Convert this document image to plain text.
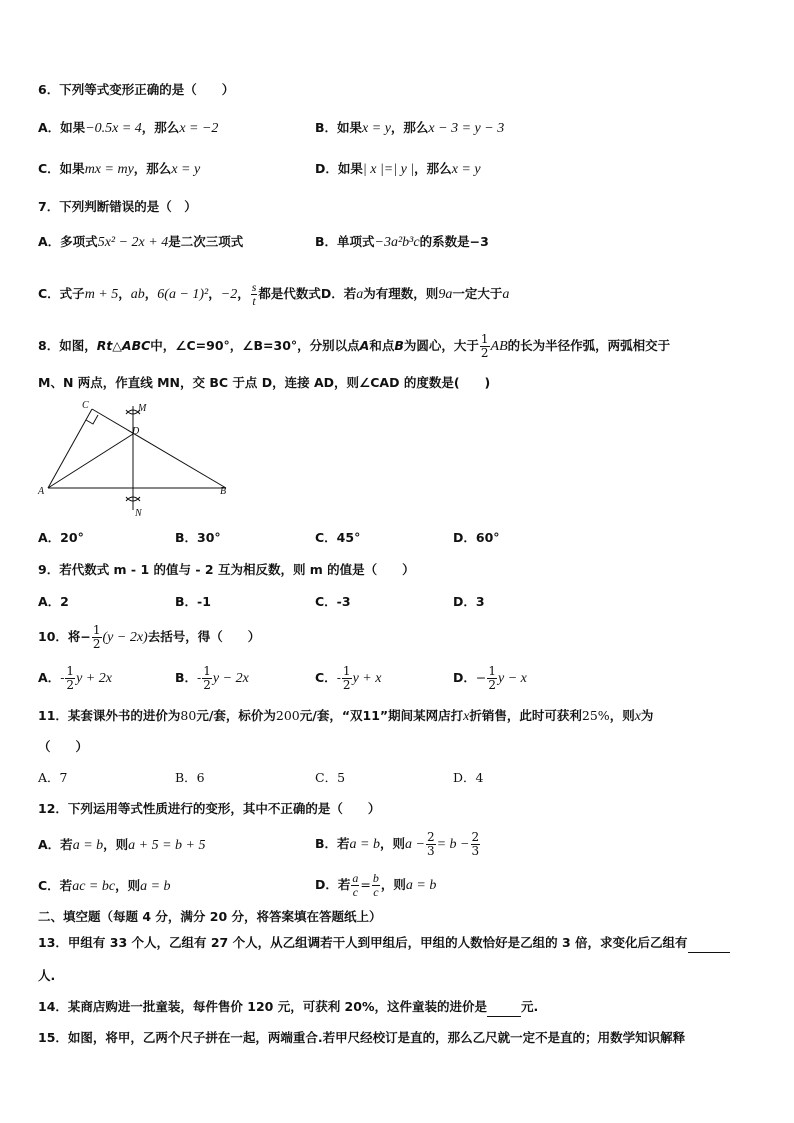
6．下列等式变形正确的是（　　）
A．如果−0.5x = 4，那么x = −2	B．如果x = y，那么x − 3 = y − 3
C．如果mx = my，那么x = y	D．如果| x |=| y |，那么x = y
7．下列判断错误的是（　）
A．多项式5x² − 2x + 4是二次三项式	B．单项式−3a²b³c的系数是−3
C．式子m + 5，ab，6(a − 1)²，−2， $\frac{s}{t}$ 都是代数式D．若a为有理数，则9a一定大于a
8．如图，Rt△ABC中，∠C=90°，∠B=30°，分别以点A和点B为圆心，大于 $\frac{1}{2}$ AB的长为半径作弧，两弧相交于
M、N 两点，作直线 MN，交 BC 于点 D，连接 AD，则∠CAD 的度数是(　　)
C	M
D
A	B
N
A．20°	B．30°	C．45°	D．60°
9．若代数式 m - 1 的值与 - 2 互为相反数，则 m 的值是（　　）
A．2	B．-1	C．-3	D．3
10．将− $\frac{1}{2} (y - 2x)$去括号，得（　　）
A．- $\frac{1}{2}$ y + 2x	B．- $\frac{1}{2}$ y − 2x	C．- $\frac{1}{2}$ y + x	D．− $\frac{1}{2}$ y − x
11．某套课外书的进价为80元/套，标价为200元/套，“双11”期间某网店打x折销售，此时可获利25%，则x为
（　　）
A．7	B．6	C．5	D．4
12．下列运用等式性质进行的变形，其中不正确的是（　　）
A．若a = b，则a + 5 = b + 5	B．若a = b，则$a - \frac{2}{3} = b - \frac{2}{3}$
C．若ac = bc，则a = b	D．若 $\frac{a}{c} = \frac{b}{c}$ ，则a = b
二、填空题（每题 4 分，满分 20 分，将答案填在答题纸上）
13．甲组有 33 个人，乙组有 27 个人，从乙组调若干人到甲组后，甲组的人数恰好是乙组的 3 倍，求变化后乙组有
人.
14．某商店购进一批童装，每件售价 120 元，可获利 20%，这件童装的进价是	元.
15．如图，将甲，乙两个尺子拼在一起，两端重合.若甲尺经校订是直的，那么乙尺就一定不是直的；用数学知识解释
